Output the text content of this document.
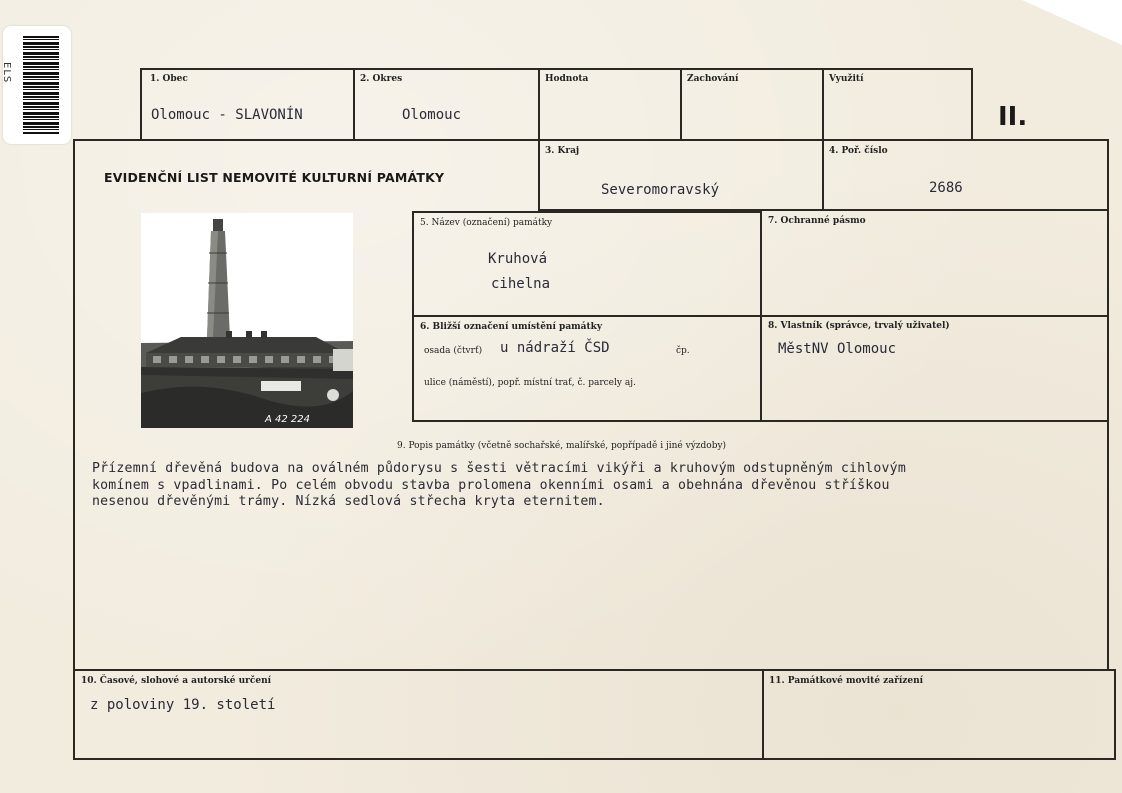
ELS	1. Obec
Olomouc - SLAVONÍN
2. Okres
Olomouc
Hodnota	Zachování	Využití
II.
EVIDENČNÍ LIST NEMOVITÉ KULTURNÍ PAMÁTKY
3. Kraj
Severomoravský
4. Poř. číslo
2686
A 42 224
5. Název (označení) památky
Kruhová
cihelna
7. Ochranné pásmo
6. Bližší označení umístění památky
osada (čtvrť) u nádraží ČSD	čp.
ulice (náměstí), popř. místní trať, č. parcely aj.
8. Vlastník (správce, trvalý uživatel)
MěstNV Olomouc
9. Popis památky (včetně sochařské, malířské, popřípadě i jiné výzdoby)
Přízemní dřevěná budova na oválném půdorysu s šesti větracími vikýři a kruhovým odstupněným cihlovým
komínem s vpadlinami. Po celém obvodu stavba prolomena okenními osami a obehnána dřevěnou stříškou
nesenou dřevěnými trámy. Nízká sedlová střecha kryta eternitem.
10. Časové, slohové a autorské určení
z poloviny 19. století
11. Památkové movité zařízení
